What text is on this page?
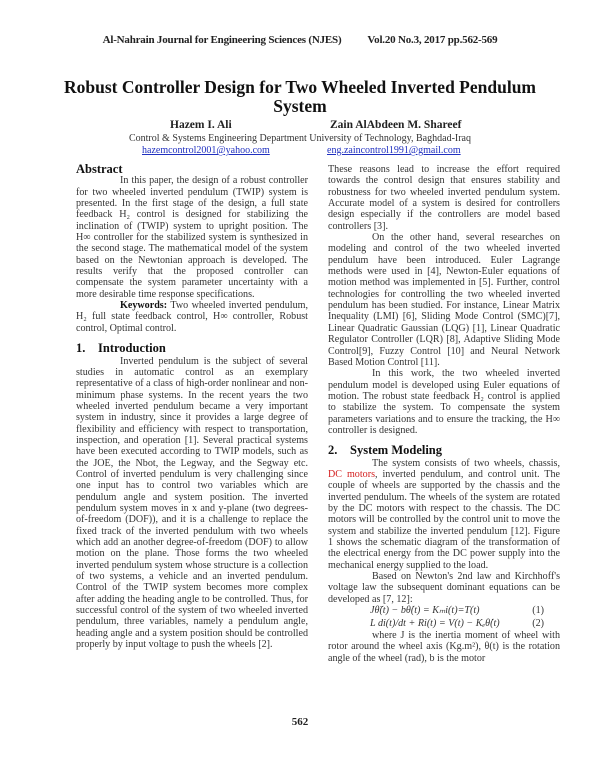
Al-Nahrain Journal for Engineering Sciences (NJES) Vol.20 No.3, 2017 pp.562-569
Robust Controller Design for Two Wheeled Inverted Pendulum System
Hazem I. Ali	Zain AlAbdeen M. Shareef
Control & Systems Engineering Department University of Technology, Baghdad-Iraq
hazemcontrol2001@yahoo.com	eng.zaincontrol1991@gmail.com
Abstract

In this paper, the design of a robust controller for two wheeled inverted pendulum (TWIP) system is presented. In the first stage of the design, a full state feedback H₂ control is designed for stabilizing the inclination of (TWIP) system to upright position. The H∞ controller for the stabilized system is synthesized in the second stage. The mathematical model of the system based on the Newtonian approach is developed. The results verify that the proposed controller can compensate the system parameter uncertainty with a more desirable time response specifications.

Keywords: Two wheeled inverted pendulum, H₂ full state feedback control, H∞ controller, Robust control, Optimal control.

1. Introduction

Inverted pendulum is the subject of several studies in automatic control as an exemplary representative of a class of high-order nonlinear and non-minimum phase systems. In the recent years the two wheeled inverted pendulum became a very important system in industry, since it provides a large degree of flexibility and efficiency with respect to transportation, inspection, and operation [1]. Several practical systems have been executed according to TWIP models, such as the JOE, the Nbot, the Legway, and the Segway etc. Control of inverted pendulum is very challenging since one input has to control two variables which are pendulum angle and system position. The inverted pendulum system moves in x and y-plane (two degrees-of-freedom (DOF)), and it is a challenge to replace the fixed track of the inverted pendulum with two wheels which add an another degree-of-freedom (DOF) to allow motion on the plane. Those forms the two wheeled inverted pendulum system whose structure is a collection of two systems, a vehicle and an inverted pendulum. Control of the TWIP system becomes more complex after adding the heading angle to be controlled. Thus, for successful control of the system of two wheeled inverted pendulum, three variables, namely a pendulum angle, heading angle and a system position should be controlled properly by input voltage to push the wheels [2].

These reasons lead to increase the effort required towards the control design that ensures stability and robustness for two wheeled inverted pendulum system. Accurate model of a system is desired for controllers design especially if the controllers are model based controllers [3].

On the other hand, several researches on modeling and control of the two wheeled inverted pendulum have been introduced. Euler Lagrange methods were used in [4], Newton-Euler equations of motion method was implemented in [5]. Further, control technologies for controlling the two wheeled inverted pendulum has been studied. For instance, Linear Matrix Inequality (LMI) [6], Sliding Mode Control (SMC)[7], Linear Quadratic Gaussian (LQG) [1], Linear Quadratic Regulator Controller (LQR) [8], Adaptive Sliding Mode Control[9], Fuzzy Control [10] and Neural Network Based Motion Control [11].

In this work, the two wheeled inverted pendulum model is developed using Euler equations of motion. The robust state feedback H₂ control is applied to stabilize the system. To compensate the system parameters variations and to ensure the tracking, the H∞ controller is designed.

2. System Modeling

The system consists of two wheels, chassis, DC motors, inverted pendulum, and control unit. The couple of wheels are supported by the chassis and the inverted pendulum. The wheels of the system are rotated by the DC motors with respect to the chassis. The DC motors will be controlled by the control unit to move the system and stabilize the inverted pendulum [12]. Figure 1 shows the schematic diagram of the transformation of the electrical energy from the DC power supply into the mechanical energy supplied to the load.

Based on Newton's 2nd law and Kirchhoff's voltage law the subsequent dominant equations can be developed as [7, 12]:

Jθ̈(t) − bθ̇(t) = Kₘi(t)=T(t)	(1)
L di(t)/dt + Ri(t) = V(t) − Kₑθ̇(t)	(2)

where J is the inertia moment of wheel with rotor around the wheel axis (Kg.m²), θ(t) is the rotation angle of the wheel (rad), b is the motor

562
